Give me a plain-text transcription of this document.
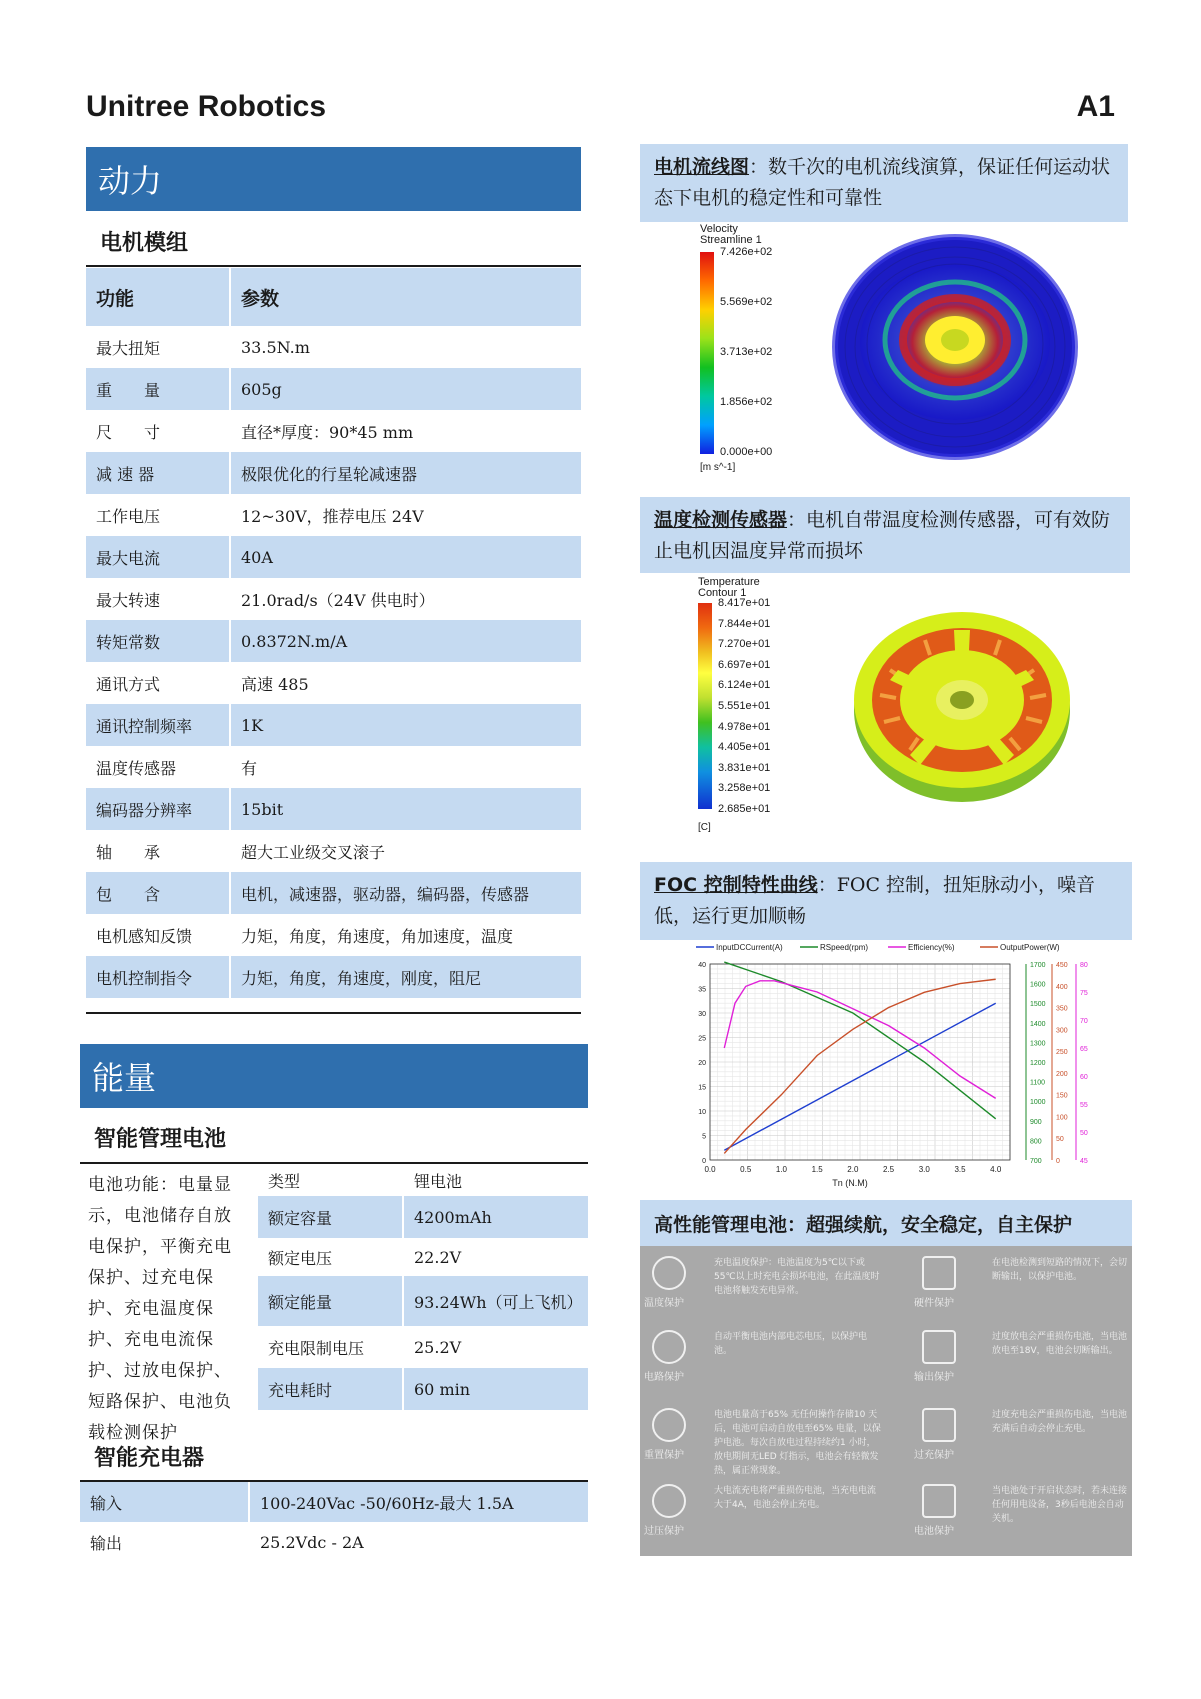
Unitree Robotics	A1
动力
电机模组
功能	参数
最大扭矩	33.5N.m
重　　量	605g
尺　　寸	直径*厚度：90*45 mm
减 速 器	极限优化的行星轮减速器
工作电压	12~30V，推荐电压 24V
最大电流	40A
最大转速	21.0rad/s（24V 供电时）
转矩常数	0.8372N.m/A
通讯方式	高速 485
通讯控制频率	1K
温度传感器	有
编码器分辨率	15bit
轴　　承	超大工业级交叉滚子
包　　含	电机，减速器，驱动器，编码器，传感器
电机感知反馈	力矩，角度，角速度，角加速度，温度
电机控制指令	力矩，角度，角速度，刚度，阻尼
能量
智能管理电池
电池功能：电量显示，电池储存自放电保护，平衡充电保护、过充电保护、充电温度保护、充电电流保护、过放电保护、短路保护、电池负载检测保护
类型	锂电池
额定容量	4200mAh
额定电压	22.2V
额定能量	93.24Wh（可上飞机）
充电限制电压	25.2V
充电耗时	60 min
智能充电器
输入	100-240Vac -50/60Hz-最大 1.5A
输出	25.2Vdc - 2A
电机流线图：数千次的电机流线演算，保证任何运动状态下电机的稳定性和可靠性
Velocity
Streamline 1
7.426e+02
5.569e+02
3.713e+02
1.856e+02
0.000e+00
[m s^-1]
温度检测传感器：电机自带温度检测传感器，可有效防止电机因温度异常而损坏
Temperature
Contour 1
8.417e+01
7.844e+01
7.270e+01
6.697e+01
6.124e+01
5.551e+01
4.978e+01
4.405e+01
3.831e+01
3.258e+01
2.685e+01
[C]
FOC 控制特性曲线：FOC 控制，扭矩脉动小，噪音低，运行更加顺畅
0.0	0.5	1.0	1.5	2.0	2.5	3.0	3.5	4.0
Tn (N.M)
0
5
10
15
20
25
30
35
40
700
800
900
1000
1100
1200
1300
1400
1500
1600
1700
0
50
100
150
200
250
300
350
400
450
45
50
55
60
65
70
75
80
InputDCCurrent(A)	RSpeed(rpm)	Efficiency(%)	OutputPower(W)
高性能管理电池：超强续航，安全稳定，自主保护
温度保护
充电温度保护：电池温度为5℃以下或55℃以上时充电会损坏电池，在此温度时电池将触发充电异常。
硬件保护
在电池检测到短路的情况下，会切断输出，以保护电池。
电路保护
自动平衡电池内部电芯电压，以保护电池。
输出保护
过度放电会严重损伤电池，当电池放电至18V，电池会切断输出。
重置保护
电池电量高于65% 无任何操作存储10 天后，电池可启动自放电至65% 电量，以保护电池。每次自放电过程持续约1 小时，放电期间无LED 灯指示，电池会有轻微发热，属正常现象。
过充保护
过度充电会严重损伤电池，当电池充满后自动会停止充电。
过压保护
大电流充电将严重损伤电池，当充电电流大于4A，电池会停止充电。
电池保护
当电池处于开启状态时，若未连接任何用电设备，3秒后电池会自动关机。
